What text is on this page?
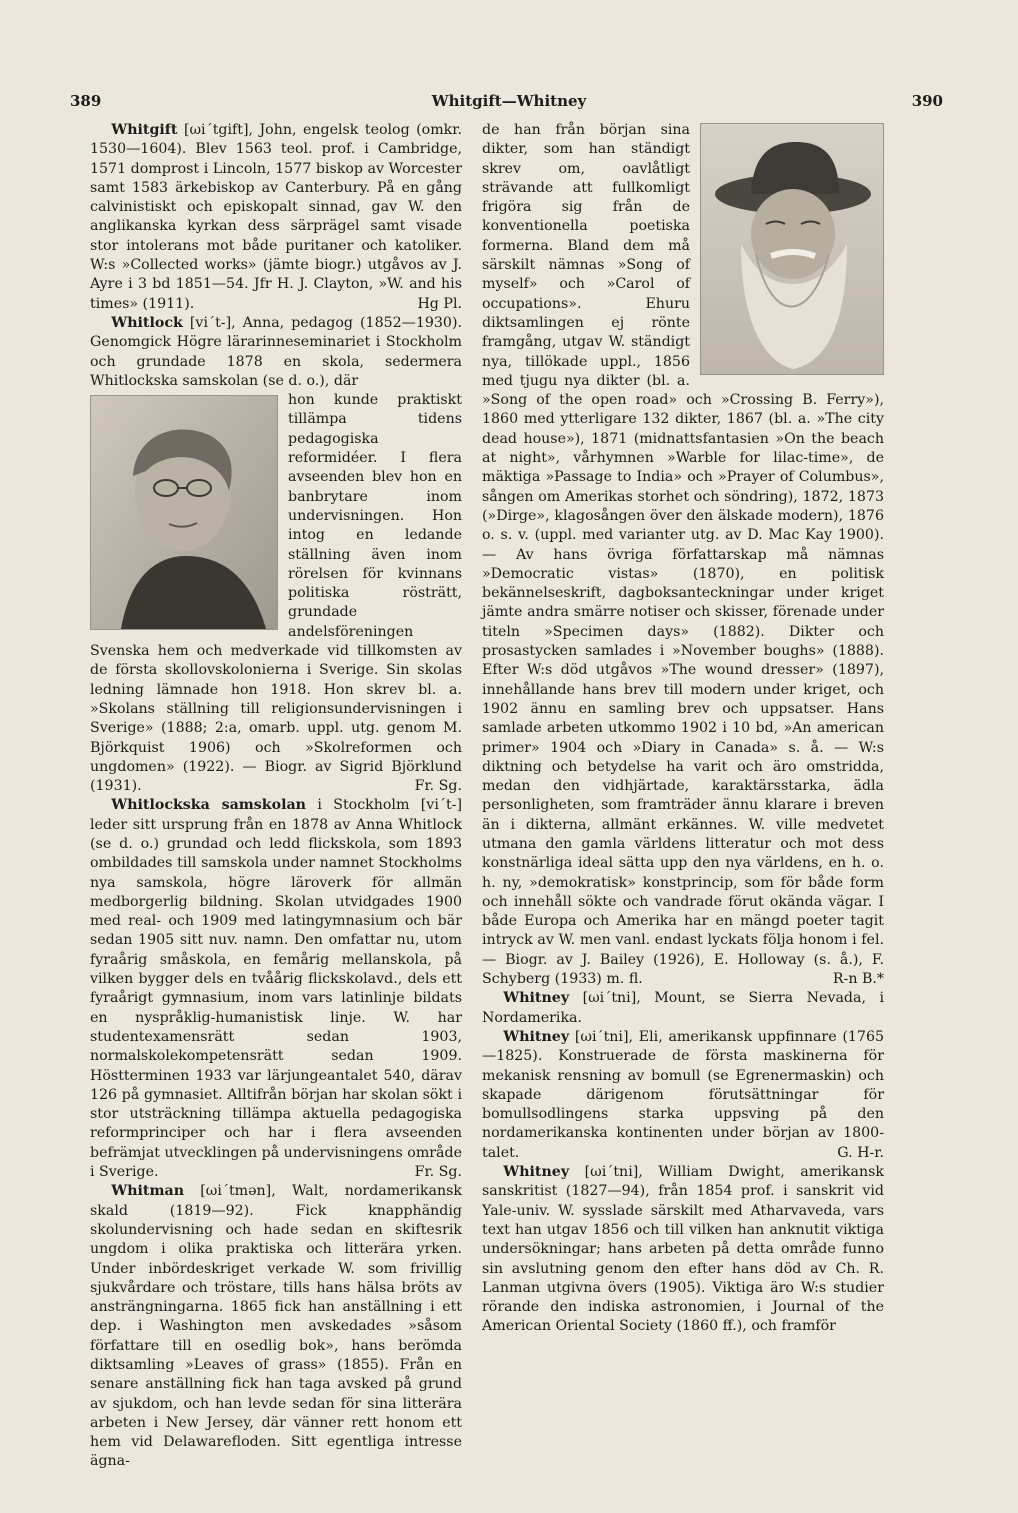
Whitgift—Whitney
389	390

Whitgift [ωi´tgift], John, engelsk teolog (omkr. 1530—1604). Blev 1563 teol. prof. i Cambridge, 1571 domprost i Lincoln, 1577 biskop av Worcester samt 1583 ärkebiskop av Canterbury. På en gång calvinistiskt och episkopalt sinnad, gav W. den anglikanska kyrkan dess särprägel samt visade stor intolerans mot både puritaner och katoliker. W:s »Collected works» (jämte biogr.) utgåvos av J. Ayre i 3 bd 1851—54. Jfr H. J. Clayton, »W. and his times» (1911).	Hg Pl.

Whitlock [vi´t-], Anna, pedagog (1852—1930). Genomgick Högre lärarinneseminariet i Stockholm och grundade 1878 en skola, sedermera Whitlockska samskolan (se d. o.), där

hon kunde praktiskt tillämpa tidens pedagogiska reformidéer. I flera avseenden blev hon en banbrytare inom undervisningen. Hon intog en ledande ställning även inom rörelsen för kvinnans politiska rösträtt, grundade andelsföreningen Svenska hem och medverkade vid tillkomsten av de första skollovskolonierna i Sverige. Sin skolas ledning lämnade hon 1918. Hon skrev bl. a. »Skolans ställning till religionsundervisningen i Sverige» (1888; 2:a, omarb. uppl. utg. genom M. Björkquist 1906) och »Skolreformen och ungdomen» (1922). — Biogr. av Sigrid Björklund (1931).	Fr. Sg.

Whitlockska samskolan i Stockholm [vi´t-] leder sitt ursprung från en 1878 av Anna Whitlock (se d. o.) grundad och ledd flickskola, som 1893 ombildades till samskola under namnet Stockholms nya samskola, högre läroverk för allmän medborgerlig bildning. Skolan utvidgades 1900 med real- och 1909 med latingymnasium och bär sedan 1905 sitt nuv. namn. Den omfattar nu, utom fyraårig småskola, en femårig mellanskola, på vilken bygger dels en tvåårig flickskolavd., dels ett fyraårigt gymnasium, inom vars latinlinje bildats en nyspråklig-humanistisk linje. W. har studentexamensrätt sedan 1903, normalskolekompetensrätt sedan 1909. Höstterminen 1933 var lärjungeantalet 540, därav 126 på gymnasiet. Alltifrån början har skolan sökt i stor utsträckning tillämpa aktuella pedagogiska reformprinciper och har i flera avseenden befrämjat utvecklingen på undervisningens område i Sverige.	Fr. Sg.

Whitman [ωi´tmən], Walt, nordamerikansk skald (1819—92). Fick knapphändig skolundervisning och hade sedan en skiftesrik ungdom i olika praktiska och litterära yrken. Under inbördeskriget verkade W. som frivillig sjukvårdare och tröstare, tills hans hälsa bröts av ansträngningarna. 1865 fick han anställning i ett dep. i Washington men avskedades »såsom författare till en osedlig bok», hans berömda diktsamling »Leaves of grass» (1855). Från en senare anställning fick han taga avsked på grund av sjukdom, och han levde sedan för sina litterära arbeten i New Jersey, där vänner rett honom ett hem vid Delawarefloden. Sitt egentliga intresse ägna-

de han från början sina dikter, som han ständigt skrev om, oavlåtligt strävande att fullkomligt frigöra sig från de konventionella poetiska formerna. Bland dem må särskilt nämnas »Song of myself» och »Carol of occupations». Ehuru diktsamlingen ej rönte framgång, utgav W. ständigt nya, tillökade uppl., 1856 med tjugu nya dikter (bl. a. »Song of the open road» och »Crossing B. Ferry»), 1860 med ytterligare 132 dikter, 1867 (bl. a. »The city dead house»), 1871 (midnattsfantasien »On the beach at night», vårhymnen »Warble for lilac-time», de mäktiga »Passage to India» och »Prayer of Columbus», sången om Amerikas storhet och söndring), 1872, 1873 (»Dirge», klagosången över den älskade modern), 1876 o. s. v. (uppl. med varianter utg. av D. Mac Kay 1900). — Av hans övriga författarskap må nämnas »Democratic vistas» (1870), en politisk bekännelseskrift, dagboksanteckningar under kriget jämte andra smärre notiser och skisser, förenade under titeln »Specimen days» (1882). Dikter och prosastycken samlades i »November boughs» (1888). Efter W:s död utgåvos »The wound dresser» (1897), innehållande hans brev till modern under kriget, och 1902 ännu en samling brev och uppsatser. Hans samlade arbeten utkommo 1902 i 10 bd, »An american primer» 1904 och »Diary in Canada» s. å. — W:s diktning och betydelse ha varit och äro omstridda, medan den vidhjärtade, karaktärsstarka, ädla personligheten, som framträder ännu klarare i breven än i dikterna, allmänt erkännes. W. ville medvetet utmana den gamla världens litteratur och mot dess konstnärliga ideal sätta upp den nya världens, en h. o. h. ny, »demokratisk» konstprincip, som för både form och innehåll sökte och vandrade förut okända vägar. I både Europa och Amerika har en mängd poeter tagit intryck av W. men vanl. endast lyckats följa honom i fel. — Biogr. av J. Bailey (1926), E. Holloway (s. å.), F. Schyberg (1933) m. fl.	R-n B.*

Whitney [ωi´tni], Mount, se Sierra Nevada, i Nordamerika.

Whitney [ωi´tni], Eli, amerikansk uppfinnare (1765—1825). Konstruerade de första maskinerna för mekanisk rensning av bomull (se Egrenermaskin) och skapade därigenom förutsättningar för bomullsodlingens starka uppsving på den nordamerikanska kontinenten under början av 1800-talet.	G. H-r.

Whitney [ωi´tni], William Dwight, amerikansk sanskritist (1827—94), från 1854 prof. i sanskrit vid Yale-univ. W. sysslade särskilt med Atharvaveda, vars text han utgav 1856 och till vilken han anknutit viktiga undersökningar; hans arbeten på detta område funno sin avslutning genom den efter hans död av Ch. R. Lanman utgivna övers (1905). Viktiga äro W:s studier rörande den indiska astronomien, i Journal of the American Oriental Society (1860 ff.), och framför
